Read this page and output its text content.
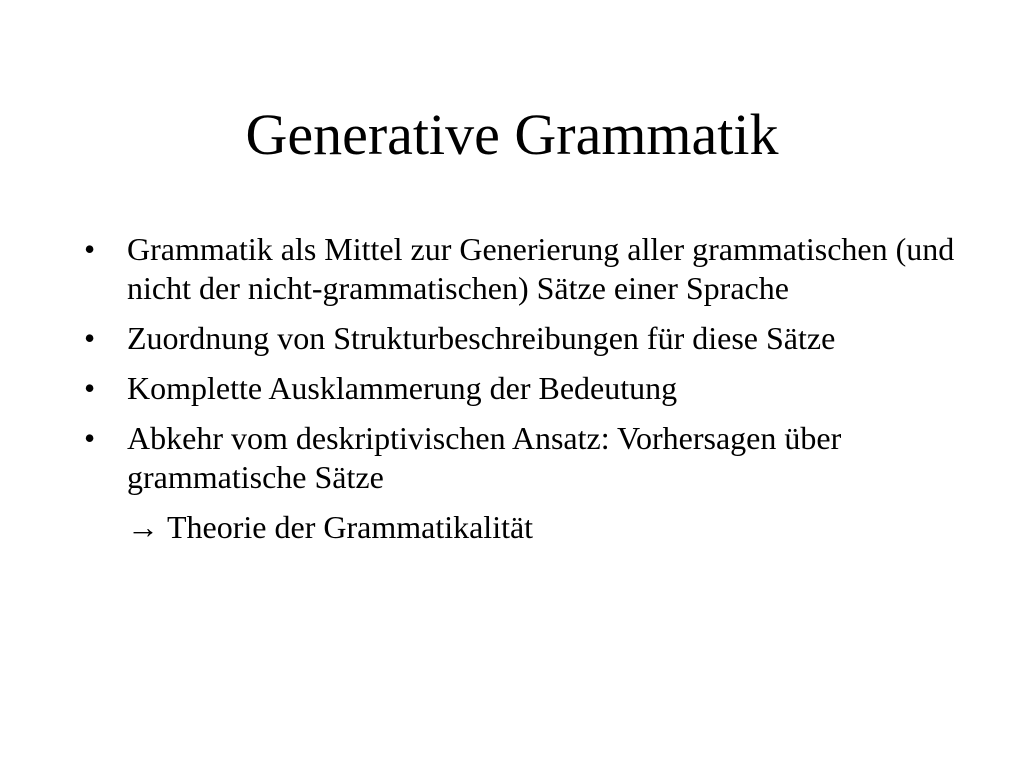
Generative Grammatik
• Grammatik als Mittel zur Generierung aller grammatischen (und nicht der nicht-grammatischen) Sätze einer Sprache
• Zuordnung von Strukturbeschreibungen für diese Sätze
• Komplette Ausklammerung der Bedeutung
• Abkehr vom deskriptivischen Ansatz: Vorhersagen über grammatische Sätze
→ Theorie der Grammatikalität
